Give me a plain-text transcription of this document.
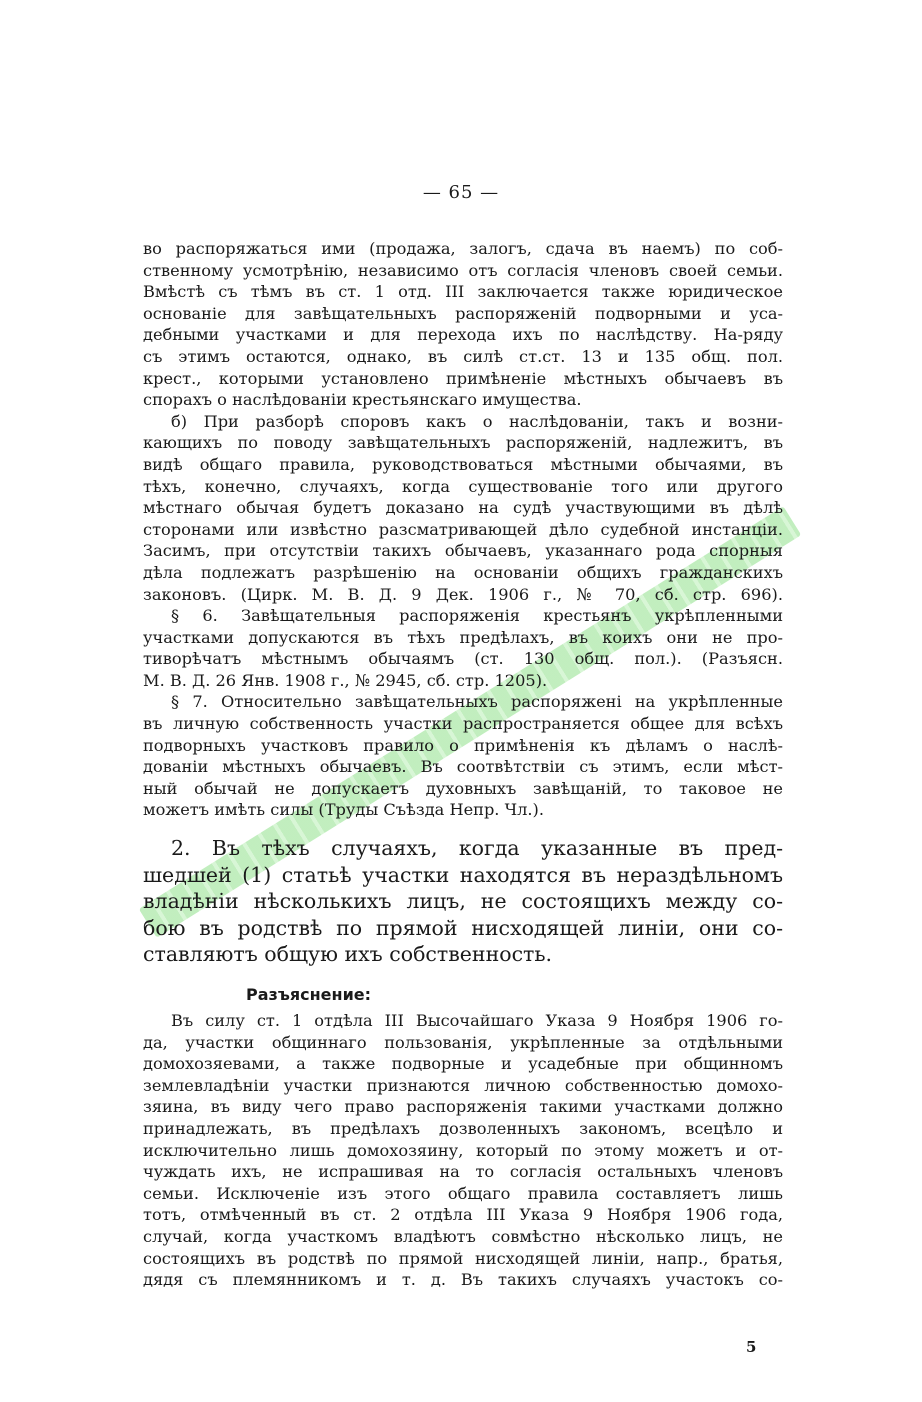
— 65 —
во распоряжаться ими (продажа, залогъ, сдача въ наемъ) по соб-
ственному усмотрѣнію, независимо отъ согласія членовъ своей семьи.
Вмѣстѣ съ тѣмъ въ ст. 1 отд. III заключается также юридическое
основаніе для завѣщательныхъ распоряженій подворными и уса-
дебными участками и для перехода ихъ по наслѣдству. На-ряду
съ этимъ остаются, однако, въ силѣ ст.ст. 13 и 135 общ. пол.
крест., которыми установлено примѣненіе мѣстныхъ обычаевъ въ
спорахъ о наслѣдованіи крестьянскаго имущества.
б) При разборѣ споровъ какъ о наслѣдованіи, такъ и возни-
кающихъ по поводу завѣщательныхъ распоряженій, надлежитъ, въ
видѣ общаго правила, руководствоваться мѣстными обычаями, въ
тѣхъ, конечно, случаяхъ, когда существованіе того или другого
мѣстнаго обычая будетъ доказано на судѣ участвующими въ дѣлѣ
сторонами или извѣстно разсматривающей дѣло судебной инстанціи.
Засимъ, при отсутствіи такихъ обычаевъ, указаннаго рода спорныя
дѣла подлежатъ разрѣшенію на основаніи общихъ гражданскихъ
законовъ. (Цирк. М. В. Д. 9 Дек. 1906 г., № 70, сб. стр. 696).
§ 6. Завѣщательныя распоряженія крестьянъ укрѣпленными
участками допускаются въ тѣхъ предѣлахъ, въ коихъ они не про-
тиворѣчатъ мѣстнымъ обычаямъ (ст. 130 общ. пол.). (Разъясн.
М. В. Д. 26 Янв. 1908 г., № 2945, сб. стр. 1205).
§ 7. Относительно завѣщательныхъ распоряжені на укрѣпленные
въ личную собственность участки распространяется общее для всѣхъ
подворныхъ участковъ правило о примѣненія къ дѣламъ о наслѣ-
дованіи мѣстныхъ обычаевъ. Въ соотвѣтствіи съ этимъ, если мѣст-
ный обычай не допускаетъ духовныхъ завѣщаній, то таковое не
можетъ имѣть силы (Труды Съѣзда Непр. Чл.).
2. Въ тѣхъ случаяхъ, когда указанные въ пред-
шедшей (1) статьѣ участки находятся въ нераздѣльномъ
владѣніи нѣсколькихъ лицъ, не состоящихъ между со-
бою въ родствѣ по прямой нисходящей линіи, они со-
ставляютъ общую ихъ собственность.
Разъяснение:
Въ силу ст. 1 отдѣла III Высочайшаго Указа 9 Ноября 1906 го-
да, участки общиннаго пользованія, укрѣпленные за отдѣльными
домохозяевами, а также подворные и усадебные при общинномъ
землевладѣніи участки признаются личною собственностью домохо-
зяина, въ виду чего право распоряженія такими участками должно
принадлежать, въ предѣлахъ дозволенныхъ закономъ, всецѣло и
исключительно лишь домохозяину, который по этому можетъ и от-
чуждать ихъ, не испрашивая на то согласія остальныхъ членовъ
семьи. Исключеніе изъ этого общаго правила составляетъ лишь
тотъ, отмѣченный въ ст. 2 отдѣла III Указа 9 Ноября 1906 года,
случай, когда участкомъ владѣютъ совмѣстно нѣсколько лицъ, не
состоящихъ въ родствѣ по прямой нисходящей линіи, напр., братья,
дядя съ племянникомъ и т. д. Въ такихъ случаяхъ участокъ со-
5
